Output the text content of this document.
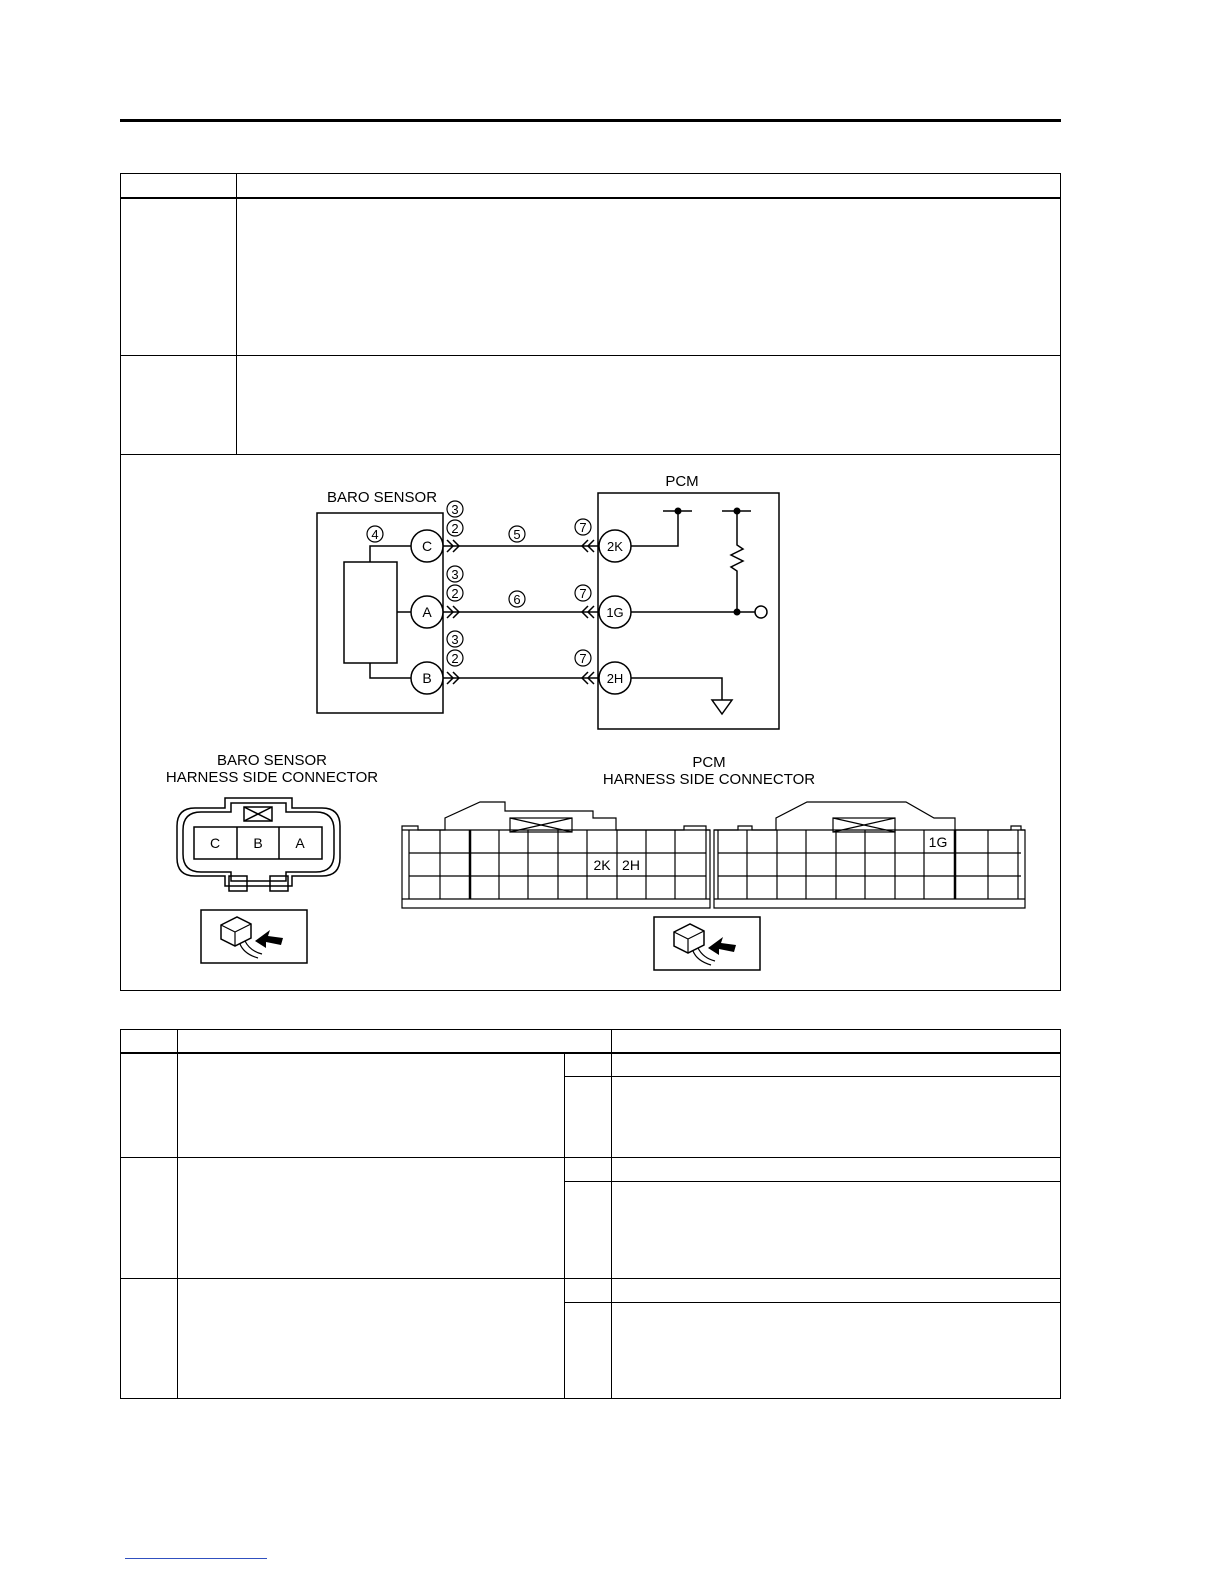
BARO SENSOR
C
A
B
3
2
3
2
3
2
4	5
6
7
7
7
PCM
2K
1G
2H
BARO SENSOR
HARNESS SIDE CONNECTOR
C B A
PCM
HARNESS SIDE CONNECTOR
2K 2H
1G
